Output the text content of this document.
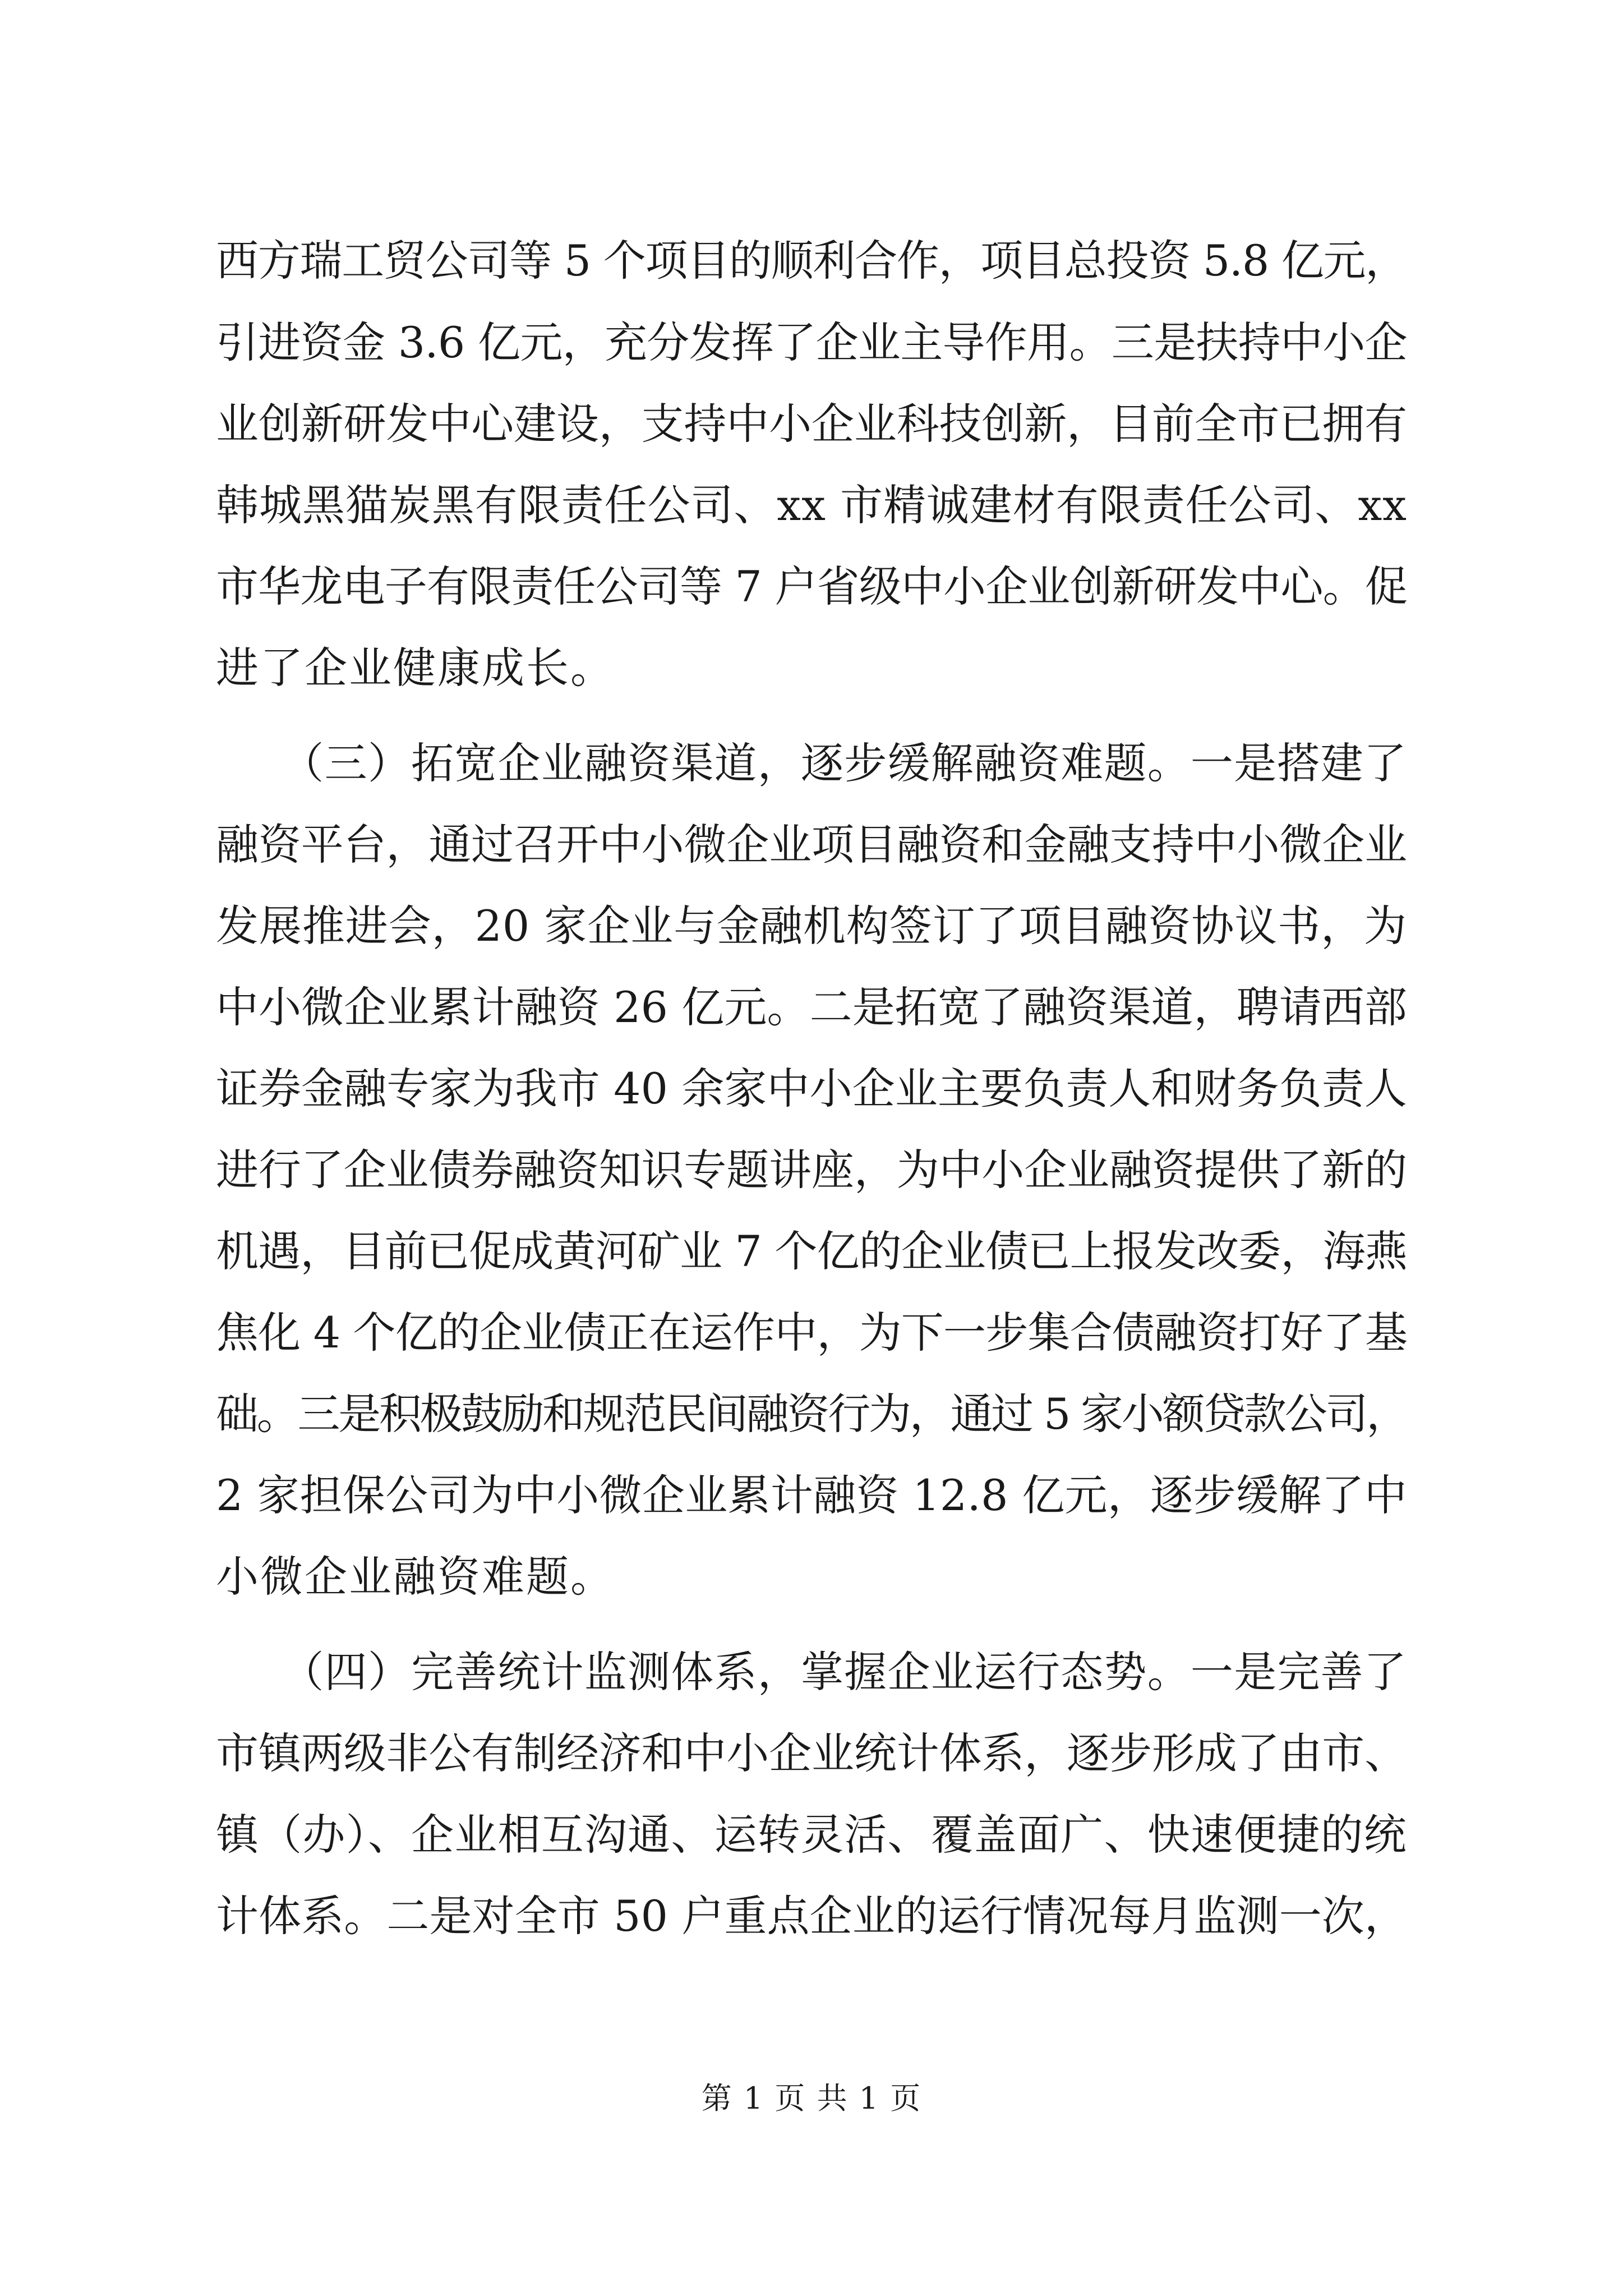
西方瑞工贸公司等 5 个项目的顺利合作，项目总投资 5.8 亿元，
引进资金 3.6 亿元，充分发挥了企业主导作用。三是扶持中小企
业创新研发中心建设，支持中小企业科技创新，目前全市已拥有
韩城黑猫炭黑有限责任公司、xx 市精诚建材有限责任公司、xx
市华龙电子有限责任公司等 7 户省级中小企业创新研发中心。促
进了企业健康成长。
　　（三）拓宽企业融资渠道，逐步缓解融资难题。一是搭建了
融资平台，通过召开中小微企业项目融资和金融支持中小微企业
发展推进会，20 家企业与金融机构签订了项目融资协议书，为
中小微企业累计融资 26 亿元。二是拓宽了融资渠道，聘请西部
证券金融专家为我市 40 余家中小企业主要负责人和财务负责人
进行了企业债券融资知识专题讲座，为中小企业融资提供了新的
机遇，目前已促成黄河矿业 7 个亿的企业债已上报发改委，海燕
焦化 4 个亿的企业债正在运作中，为下一步集合债融资打好了基
础。三是积极鼓励和规范民间融资行为，通过 5 家小额贷款公司，
2 家担保公司为中小微企业累计融资 12.8 亿元，逐步缓解了中
小微企业融资难题。
　　（四）完善统计监测体系，掌握企业运行态势。一是完善了
市镇两级非公有制经济和中小企业统计体系，逐步形成了由市、
镇（办）、企业相互沟通、运转灵活、覆盖面广、快速便捷的统
计体系。二是对全市 50 户重点企业的运行情况每月监测一次，
第 1 页 共 1 页
